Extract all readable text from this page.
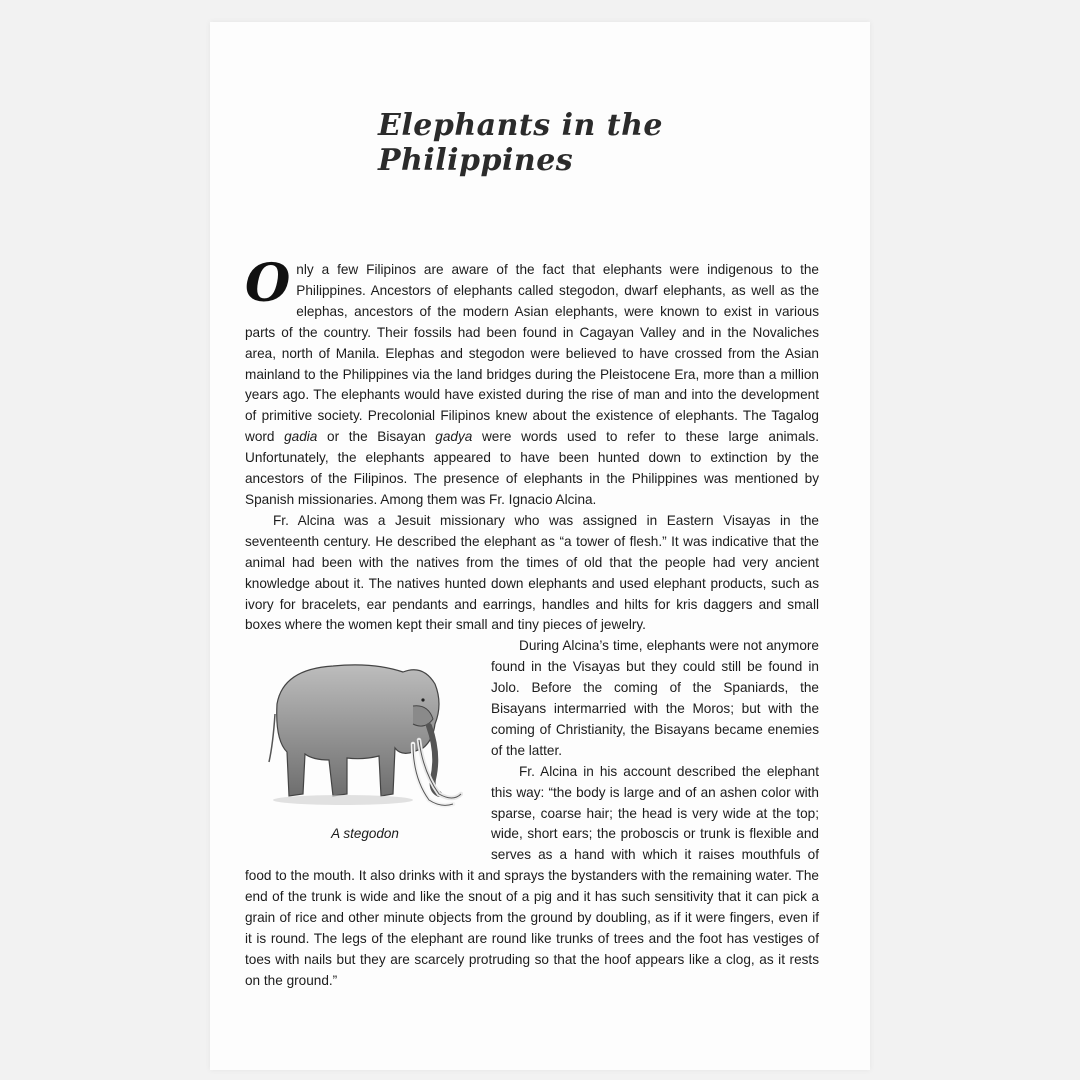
Elephants in the Philippines

Only a few Filipinos are aware of the fact that elephants were indigenous to the Philippines. Ancestors of elephants called stegodon, dwarf elephants, as well as the elephas, ancestors of the modern Asian elephants, were known to exist in various parts of the country. Their fossils had been found in Cagayan Valley and in the Novaliches area, north of Manila. Elephas and stegodon were believed to have crossed from the Asian mainland to the Philippines via the land bridges during the Pleistocene Era, more than a million years ago. The elephants would have existed during the rise of man and into the development of primitive society. Precolonial Filipinos knew about the existence of elephants. The Tagalog word gadia or the Bisayan gadya were words used to refer to these large animals. Unfortunately, the elephants appeared to have been hunted down to extinction by the ancestors of the Filipinos. The presence of elephants in the Philippines was mentioned by Spanish missionaries. Among them was Fr. Ignacio Alcina.

Fr. Alcina was a Jesuit missionary who was assigned in Eastern Visayas in the seventeenth century. He described the elephant as “a tower of flesh.” It was indicative that the animal had been with the natives from the times of old that the people had very ancient knowledge about it. The natives hunted down elephants and used elephant products, such as ivory for bracelets, ear pendants and earrings, handles and hilts for kris daggers and small boxes where the women kept their small and tiny pieces of jewelry.

A stegodon

During Alcina’s time, elephants were not anymore found in the Visayas but they could still be found in Jolo. Before the coming of the Spaniards, the Bisayans intermarried with the Moros; but with the coming of Christianity, the Bisayans became enemies of the latter.

Fr. Alcina in his account described the elephant this way: “the body is large and of an ashen color with sparse, coarse hair; the head is very wide at the top; wide, short ears; the proboscis or trunk is flexible and serves as a hand with which it raises mouthfuls of food to the mouth. It also drinks with it and sprays the bystanders with the remaining water. The end of the trunk is wide and like the snout of a pig and it has such sensitivity that it can pick a grain of rice and other minute objects from the ground by doubling, as if it were fingers, even if it is round. The legs of the elephant are round like trunks of trees and the foot has vestiges of toes with nails but they are scarcely protruding so that the hoof appears like a clog, as it rests on the ground.”
